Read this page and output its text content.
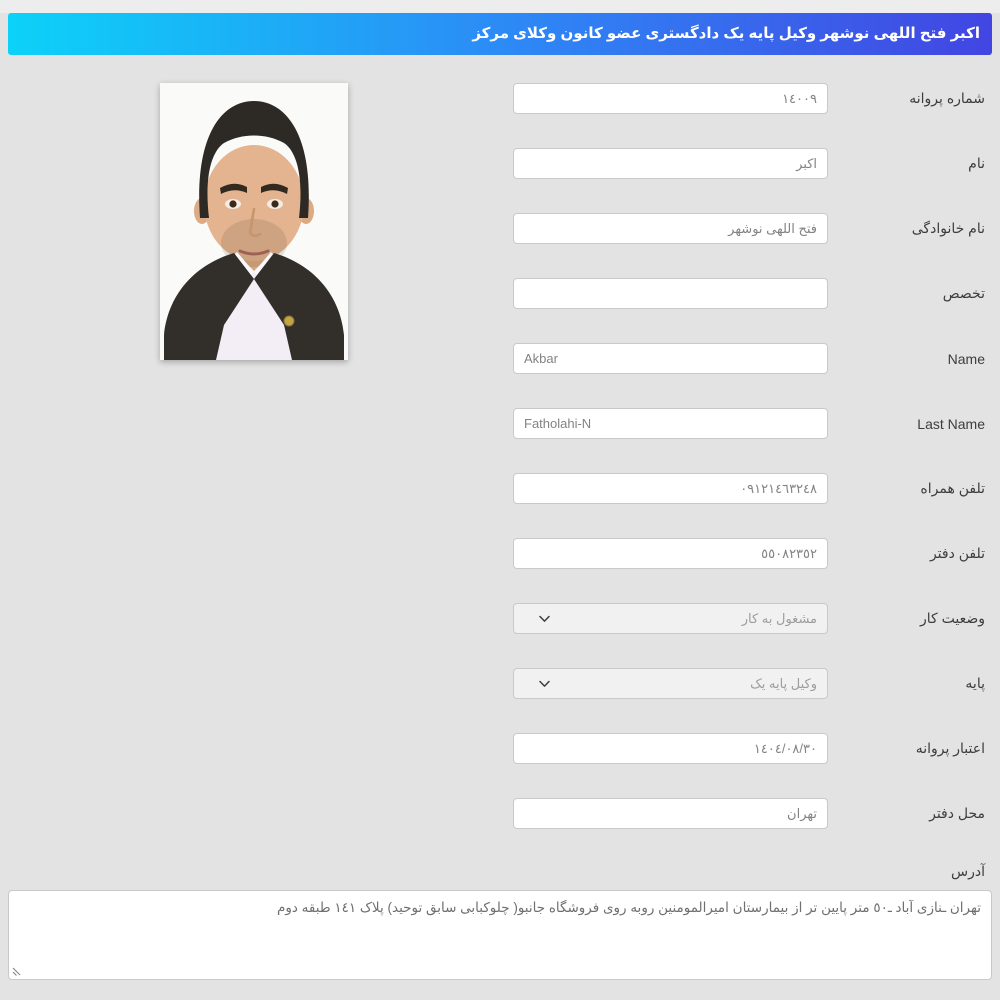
اکبر فتح اللهی نوشهر وکیل پایه یک دادگستری عضو کانون وکلای مرکز
شماره پروانه
١٤٠٠٩
نام
اکبر
نام خانوادگی
فتح اللهی نوشهر
تخصص
Name
Akbar
Last Name
Fatholahi-N
تلفن همراه
٠٩١٢١٤٦٣٢٤٨
تلفن دفتر
٥٥٠٨٢٣٥٢
وضعیت کار
مشغول به کار
پایه
وکیل پایه یک
اعتبار پروانه
١٤٠٤/٠٨/٣٠
محل دفتر
تهران
آدرس
تهران ـنازی آباد ـ٥٠ متر پایین تر از بیمارستان امیرالمومنین روبه روی فروشگاه جانبو( چلوکبابی سابق توحید) پلاک ١٤١ طبقه دوم
